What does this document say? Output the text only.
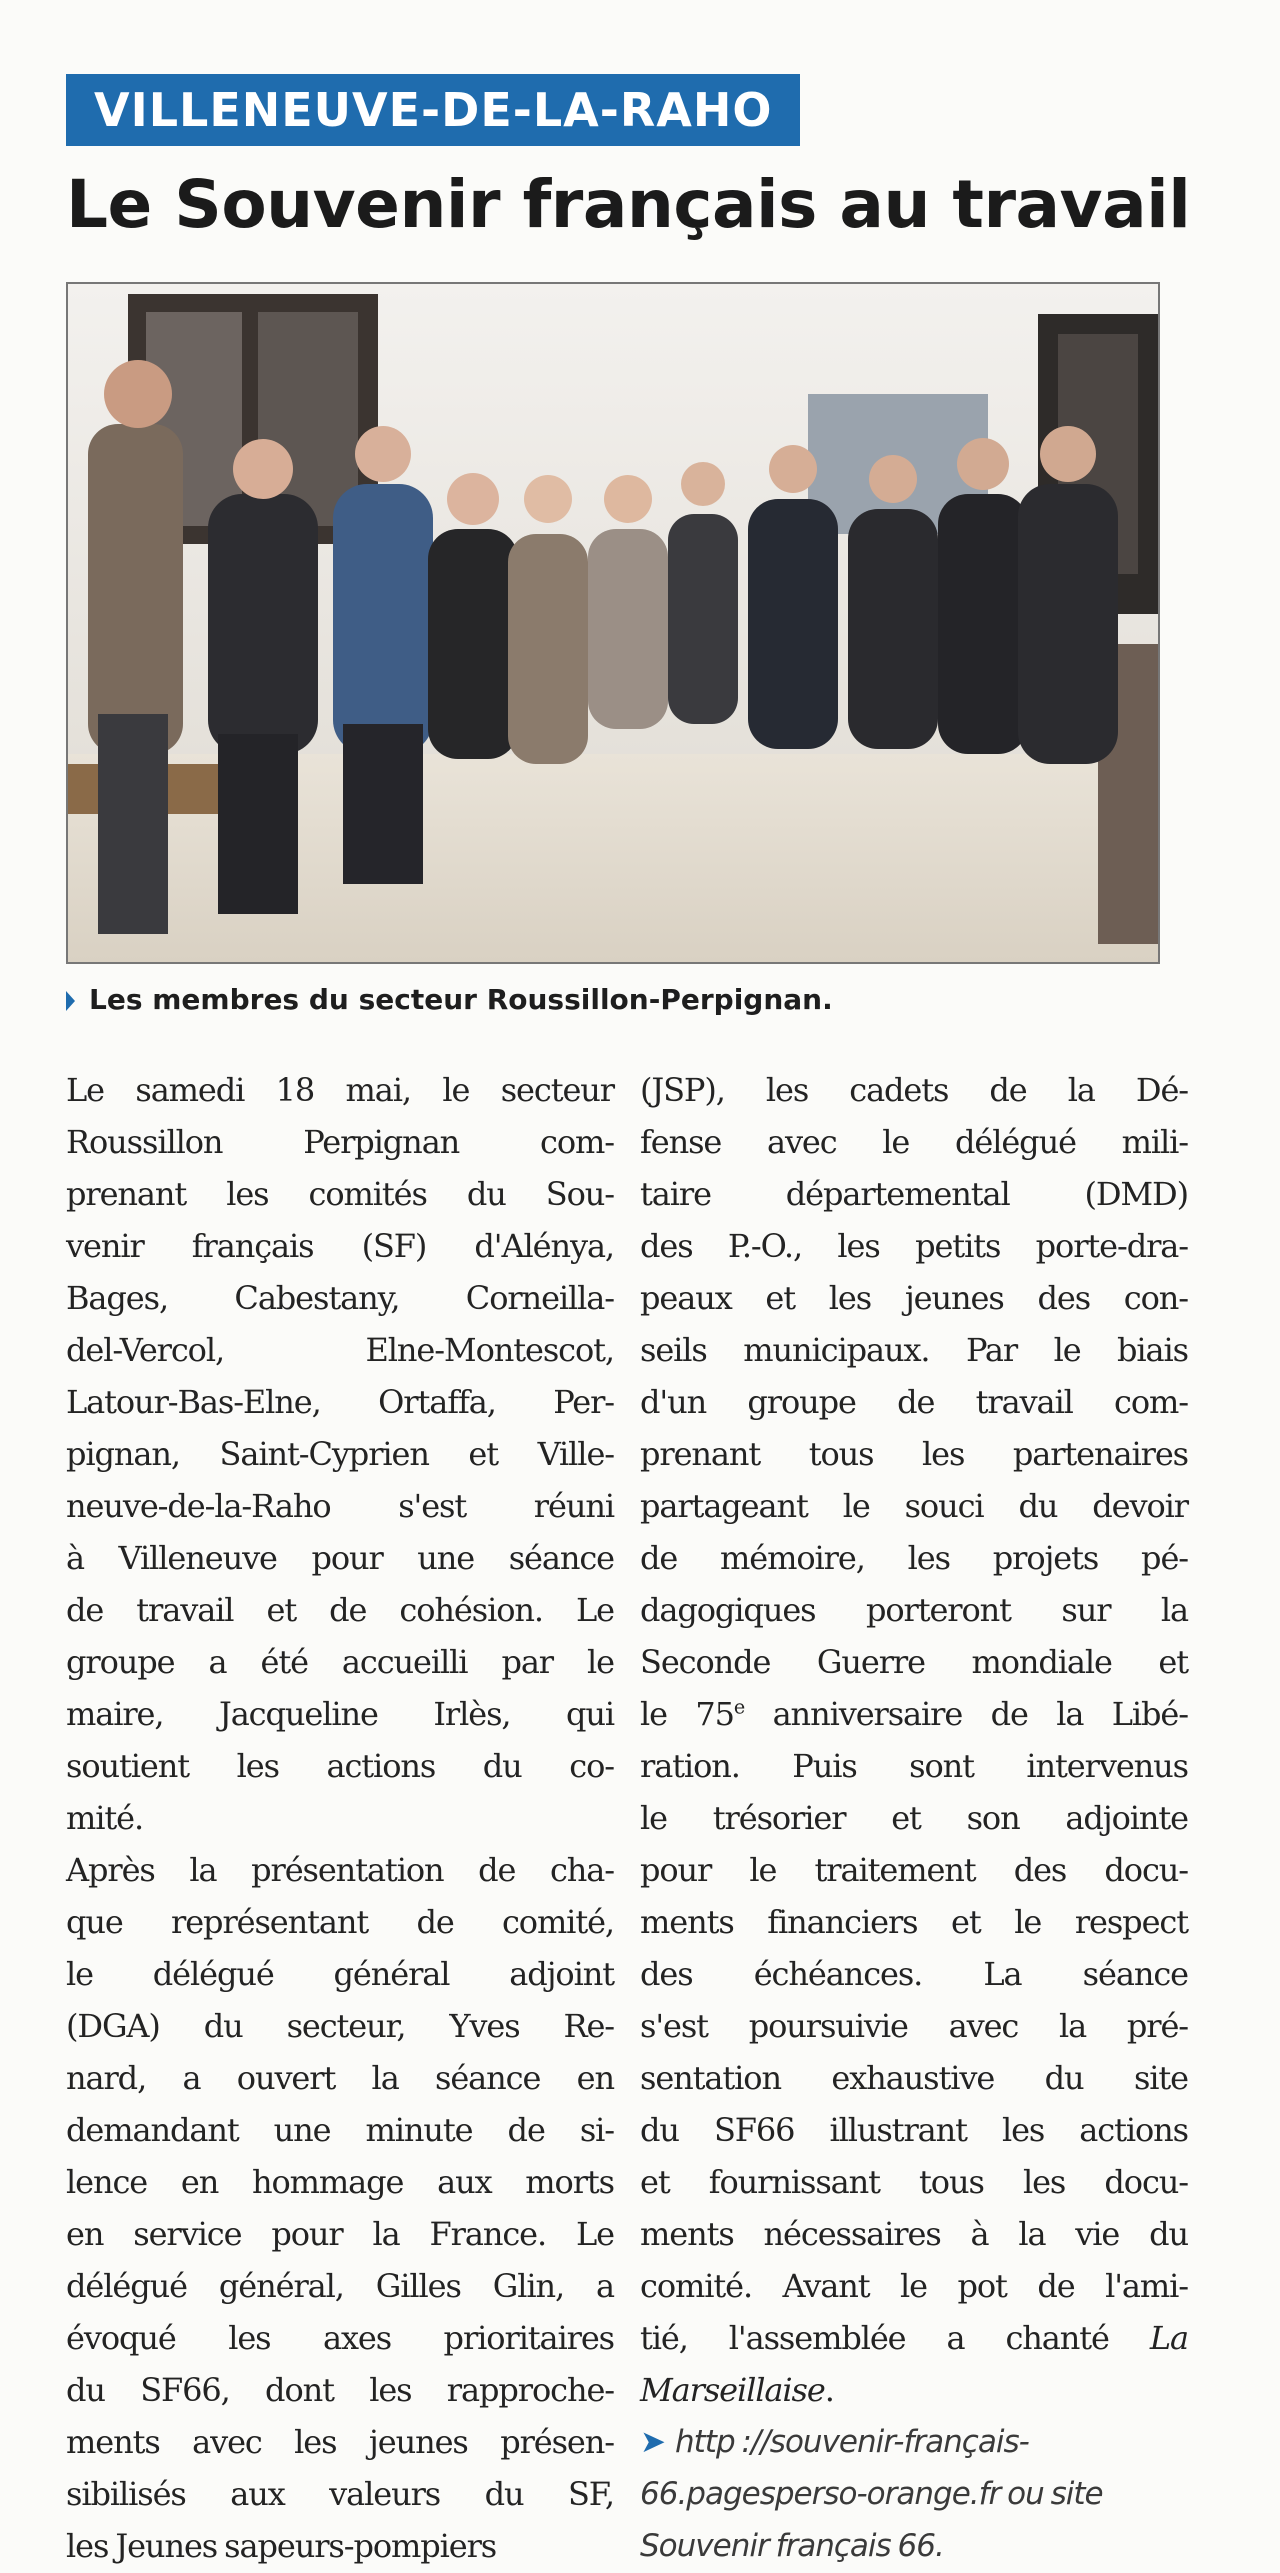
VILLENEUVE-DE-LA-RAHO
Le Souvenir français au travail
Les membres du secteur Roussillon-Perpignan.
Le samedi 18 mai, le secteur
Roussillon Perpignan com-
prenant les comités du Sou-
venir français (SF) d'Alénya,
Bages, Cabestany, Corneilla-
del-Vercol, Elne-Montescot,
Latour-Bas-Elne, Ortaffa, Per-
pignan, Saint-Cyprien et Ville-
neuve-de-la-Raho s'est réuni
à Villeneuve pour une séance
de travail et de cohésion. Le
groupe a été accueilli par le
maire, Jacqueline Irlès, qui
soutient les actions du co-
mité.
Après la présentation de cha-
que représentant de comité,
le délégué général adjoint
(DGA) du secteur, Yves Re-
nard, a ouvert la séance en
demandant une minute de si-
lence en hommage aux morts
en service pour la France. Le
délégué général, Gilles Glin, a
évoqué les axes prioritaires
du SF66, dont les rapproche-
ments avec les jeunes présen-
sibilisés aux valeurs du SF,
les Jeunes sapeurs-pompiers
(JSP), les cadets de la Dé-
fense avec le délégué mili-
taire départemental (DMD)
des P.-O., les petits porte-dra-
peaux et les jeunes des con-
seils municipaux. Par le biais
d'un groupe de travail com-
prenant tous les partenaires
partageant le souci du devoir
de mémoire, les projets pé-
dagogiques porteront sur la
Seconde Guerre mondiale et
le 75e anniversaire de la Libé-
ration. Puis sont intervenus
le trésorier et son adjointe
pour le traitement des docu-
ments financiers et le respect
des échéances. La séance
s'est poursuivie avec la pré-
sentation exhaustive du site
du SF66 illustrant les actions
et fournissant tous les docu-
ments nécessaires à la vie du
comité. Avant le pot de l'ami-
tié, l'assemblée a chanté La
Marseillaise.
➤ http ://souvenir-français-
66.pagesperso-orange.fr ou site
Souvenir français 66.
